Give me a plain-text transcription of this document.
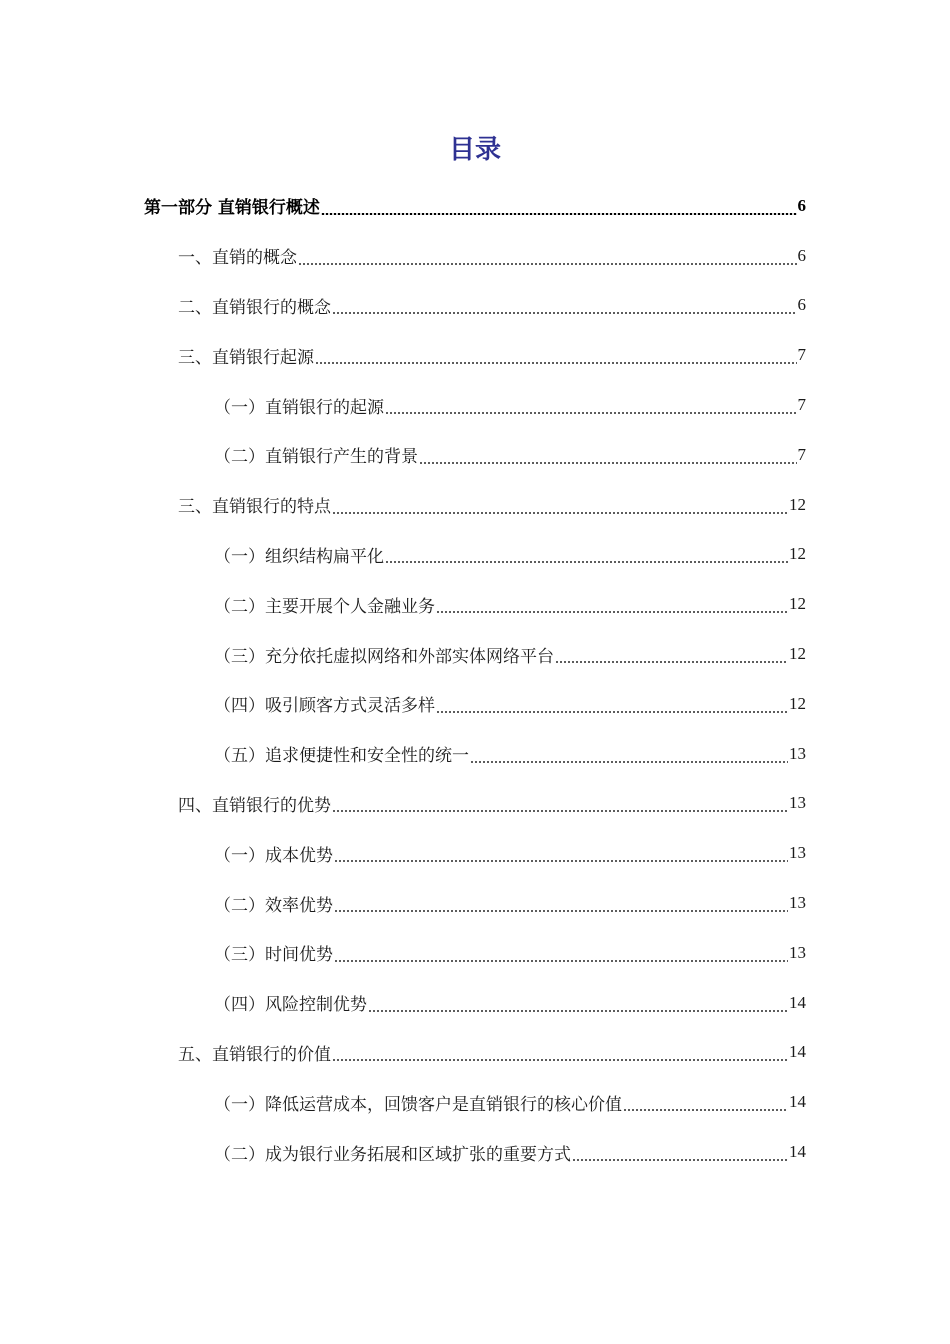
目录
第一部分 直销银行概述	6
一、直销的概念	6
二、直销银行的概念	6
三、直销银行起源	7
（一）直销银行的起源	7
（二）直销银行产生的背景	7
三、直销银行的特点	12
（一）组织结构扁平化	12
（二）主要开展个人金融业务	12
（三）充分依托虚拟网络和外部实体网络平台	12
（四）吸引顾客方式灵活多样	12
（五）追求便捷性和安全性的统一	13
四、直销银行的优势	13
（一）成本优势	13
（二）效率优势	13
（三）时间优势	13
（四）风险控制优势	14
五、直销银行的价值	14
（一）降低运营成本，回馈客户是直销银行的核心价值	14
（二）成为银行业务拓展和区域扩张的重要方式	14
